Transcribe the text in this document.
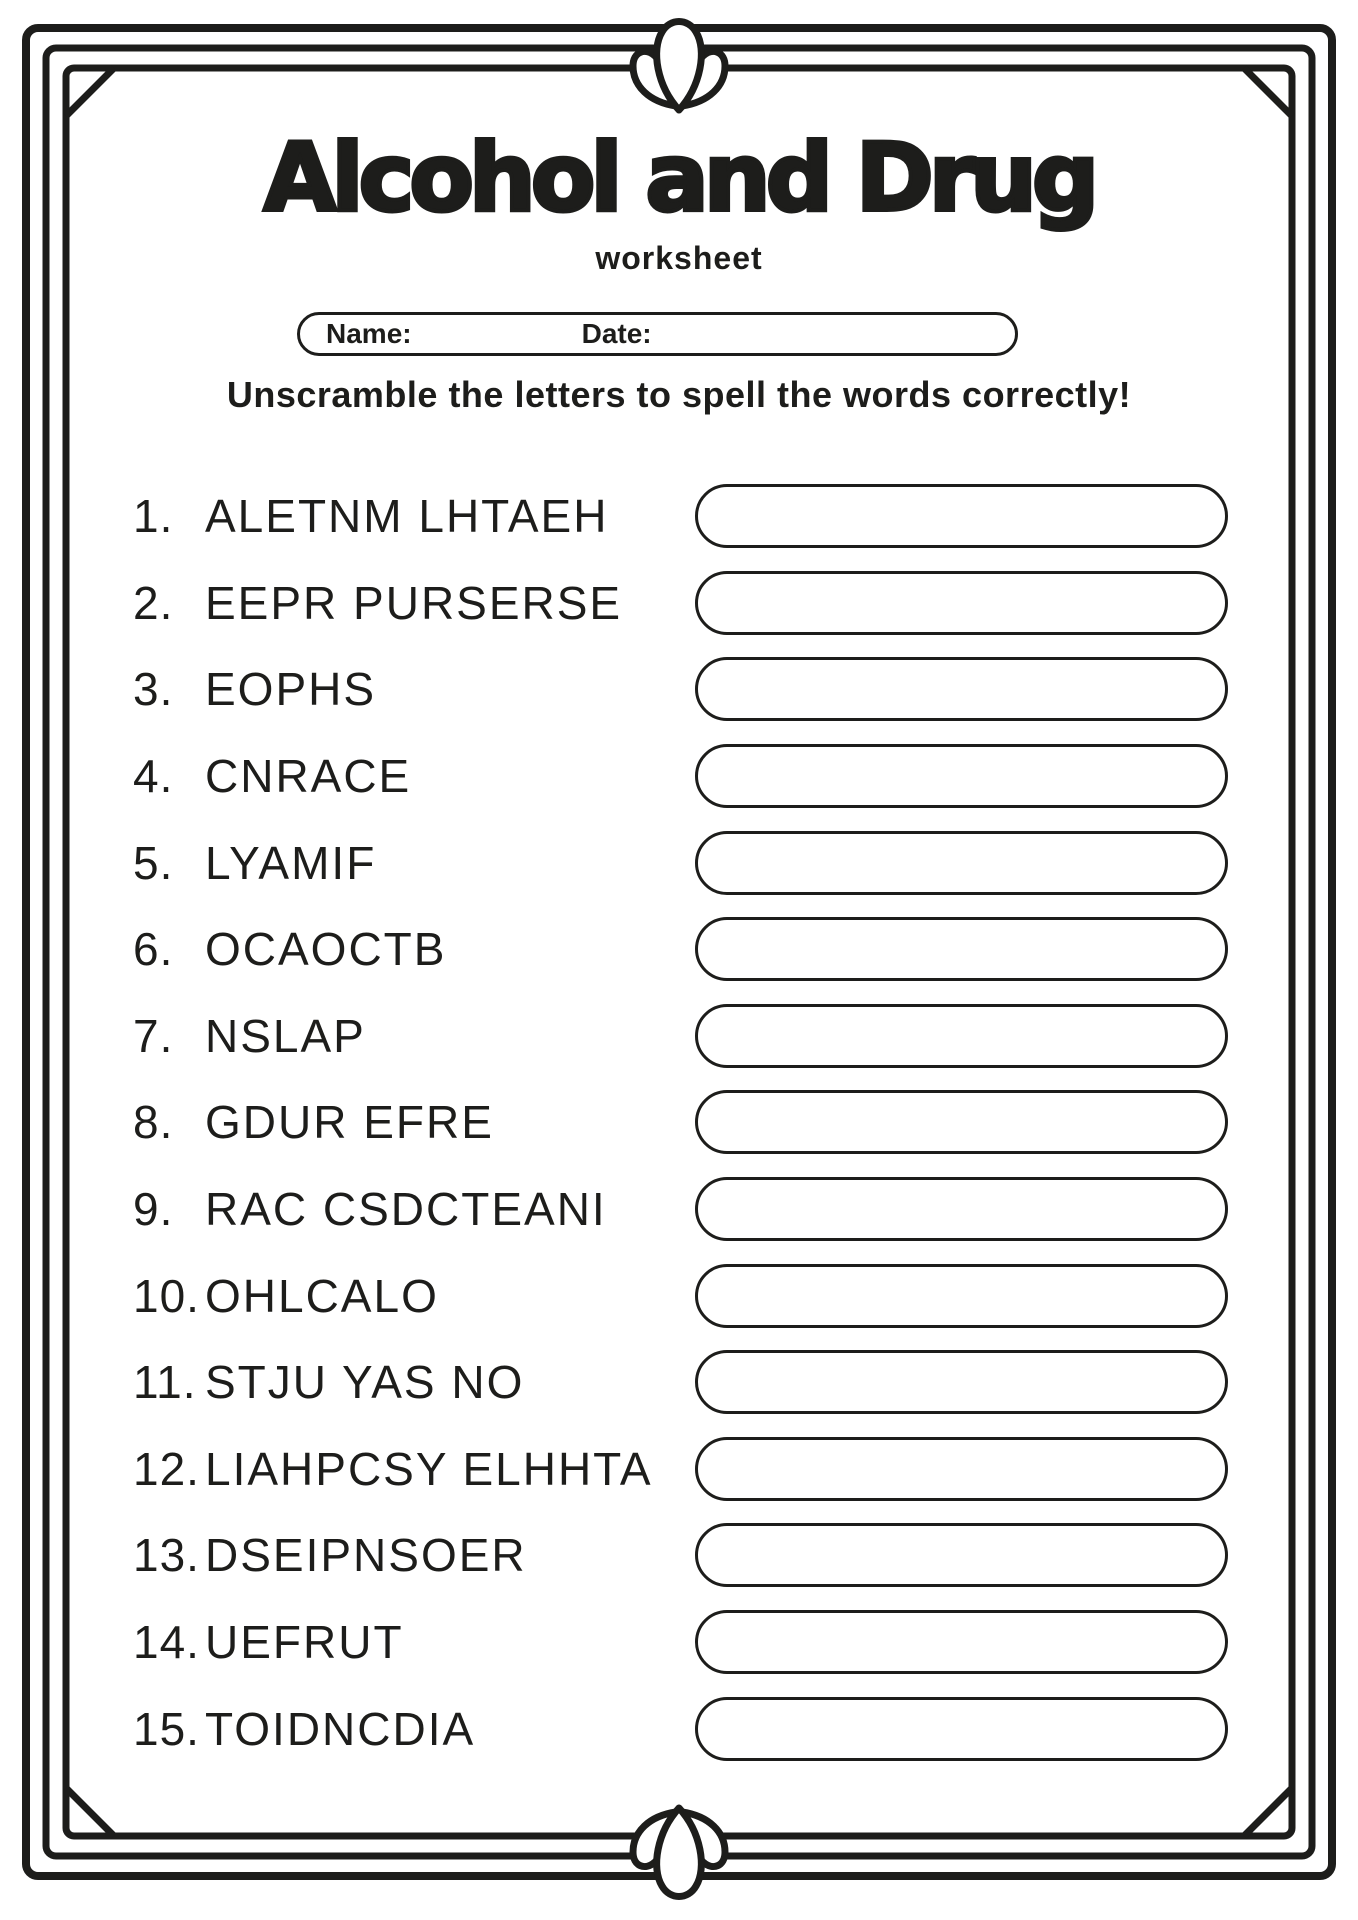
Alcohol and Drug
worksheet
Name:	Date:
Unscramble the letters to spell the words correctly!
1. ALETNM LHTAEH
2. EEPR PURSERSE
3. EOPHS
4. CNRACE
5. LYAMIF
6. OCAOCTB
7. NSLAP
8. GDUR EFRE
9. RAC CSDCTEANI
10. OHLCALO
11. STJU YAS NO
12. LIAHPCSY ELHHTA
13. DSEIPNSOER
14. UEFRUT
15. TOIDNCDIA
